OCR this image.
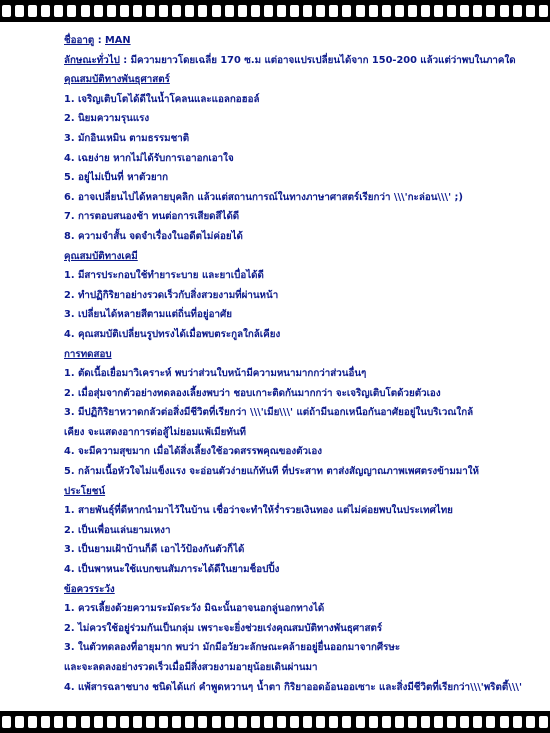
ชื่ออาตู : MAN
ลักษณะทั่วไป : มีความยาวโดยเฉลี่ย 170 ซ.ม แต่อาจแปรเปลี่ยนได้จาก 150-200 แล้วแต่ว่าพบในภาคใด
คุณสมบัติทางพันธุศาสตร์
1. เจริญเติบโตได้ดีในน้ำโคลนและแอลกอฮอล์
2. นิยมความรุนแรง
3. มักอินเหมิน ตามธรรมชาติ
4. เฉยง่าย หากไม่ได้รับการเอาอกเอาใจ
5. อยู่ไม่เป็นที่ หาตัวยาก
6. อาจเปลี่ยนไปได้หลายบุคลิก แล้วแต่สถานการณ์ในทางภาษาศาสตร์เรียกว่า \\\'กะล่อน\\\' ;)
7. การตอบสนองช้า ทนต่อการเสียดสีได้ดี
8. ความจำสั้น จดจำเรื่องในอดีตไม่ค่อยได้
คุณสมบัติทางเคมี
1. มีสารประกอบใช้ทำยาระบาย และยาเบื่อได้ดี
2. ทำปฏิกิริยาอย่างรวดเร็วกับสิ่งสวยงามที่ผ่านหน้า
3. เปลี่ยนได้หลายสีตามแต่ถิ่นที่อยู่อาศัย
4. คุณสมบัติเปลี่ยนรูปทรงได้เมื่อพบตระกูลใกล้เคียง
การทดสอบ
1. ตัดเนื้อเยื่อมาวิเคราะห์ พบว่าส่วนใบหน้ามีความหนามากกว่าส่วนอื่นๆ
2. เมื่อสุ่มจากตัวอย่างทดลองเลี้ยงพบว่า ชอบเกาะติดกันมากกว่า จะเจริญเติบโตด้วยตัวเอง
3. มีปฏิกิริยาหวาดกลัวต่อสิ่งมีชีวิตที่เรียกว่า \\\'เมีย\\\' แต่ถ้ามีนอกเหนือกันอาศัยอยู่ในบริเวณใกล้
เคียง จะแสดงอาการต่อสู้ไม่ยอมแพ้เมียทันที
4. จะมีความสุขมาก เมื่อได้สิ่งเลี้ยงใช้อวดสรรพคุณของตัวเอง
5. กล้ามเนื้อหัวใจไม่แข็งแรง จะอ่อนตัวง่ายแก้ทันที ที่ประสาท ตาส่งสัญญาณภาพเพศตรงข้ามมาให้
ประโยชน์
1. สายพันธุ์ที่ดีหากนำมาไว้ในบ้าน เชื่อว่าจะทำให้ร่ำรวยเงินทอง แต่ไม่ค่อยพบในประเทศไทย
2. เป็นเพื่อนเล่นยามเหงา
3. เป็นยามเฝ้าบ้านก็ดี เอาไว้ป้องกันตัวก็ได้
4. เป็นพาหนะใช้แบกขนสัมภาระได้ดีในยามช็อปปิ้ง
ข้อควรระวัง
1. ควรเลี้ยงด้วยความระมัดระวัง มิฉะนั้นอาจนอกลู่นอกทางได้
2. ไม่ควรใช้อยู่ร่วมกันเป็นกลุ่ม เพราะจะยิ่งช่วยเร่งคุณสมบัติทางพันธุศาสตร์
3. ในตัวทดลองที่อายุมาก พบว่า มักมีอวัยวะลักษณะคล้ายอยู่ยื่นออกมาจากศีรษะ
และจะลดลงอย่างรวดเร็วเมื่อมีสิ่งสวยงามอายุน้อยเดินผ่านมา
4. แพ้สารฉลาชบาง ชนิดได้แก่ คำพูดหวานๆ น้ำตา กิริยาออดอ้อนออเซาะ และสิ่งมีชีวิตที่เรียกว่า\\\'พริตตี้\\\'
